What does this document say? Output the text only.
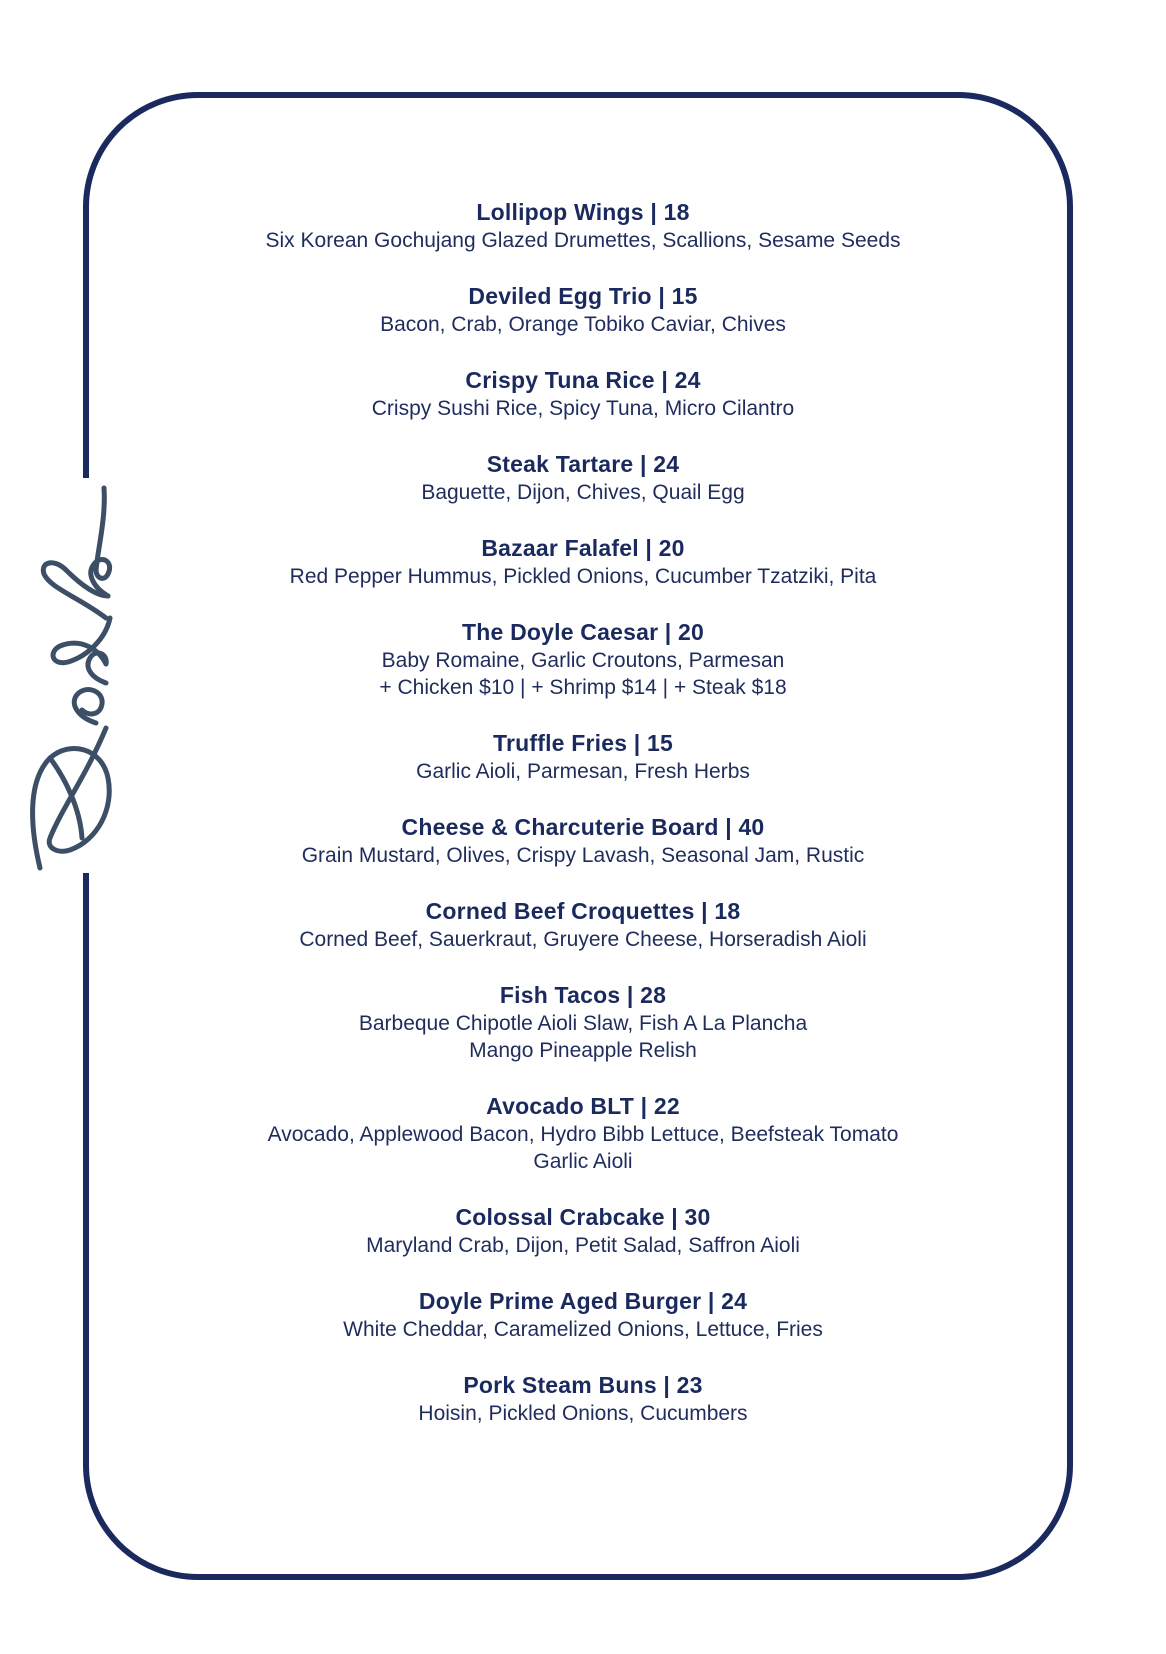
Lollipop Wings | 18
Six Korean Gochujang Glazed Drumettes, Scallions, Sesame Seeds
Deviled Egg Trio | 15
Bacon, Crab, Orange Tobiko Caviar, Chives
Crispy Tuna Rice | 24
Crispy Sushi Rice, Spicy Tuna, Micro Cilantro
Steak Tartare | 24
Baguette, Dijon, Chives, Quail Egg
Bazaar Falafel | 20
Red Pepper Hummus, Pickled Onions, Cucumber Tzatziki, Pita
The Doyle Caesar | 20
Baby Romaine, Garlic Croutons, Parmesan
+ Chicken $10 | + Shrimp $14 | + Steak $18
Truffle Fries | 15
Garlic Aioli, Parmesan, Fresh Herbs
Cheese & Charcuterie Board | 40
Grain Mustard, Olives, Crispy Lavash, Seasonal Jam, Rustic
Corned Beef Croquettes | 18
Corned Beef, Sauerkraut, Gruyere Cheese, Horseradish Aioli
Fish Tacos | 28
Barbeque Chipotle Aioli Slaw, Fish A La Plancha
Mango Pineapple Relish
Avocado BLT | 22
Avocado, Applewood Bacon, Hydro Bibb Lettuce, Beefsteak Tomato
Garlic Aioli
Colossal Crabcake | 30
Maryland Crab, Dijon, Petit Salad, Saffron Aioli
Doyle Prime Aged Burger | 24
White Cheddar, Caramelized Onions, Lettuce, Fries
Pork Steam Buns | 23
Hoisin, Pickled Onions, Cucumbers
